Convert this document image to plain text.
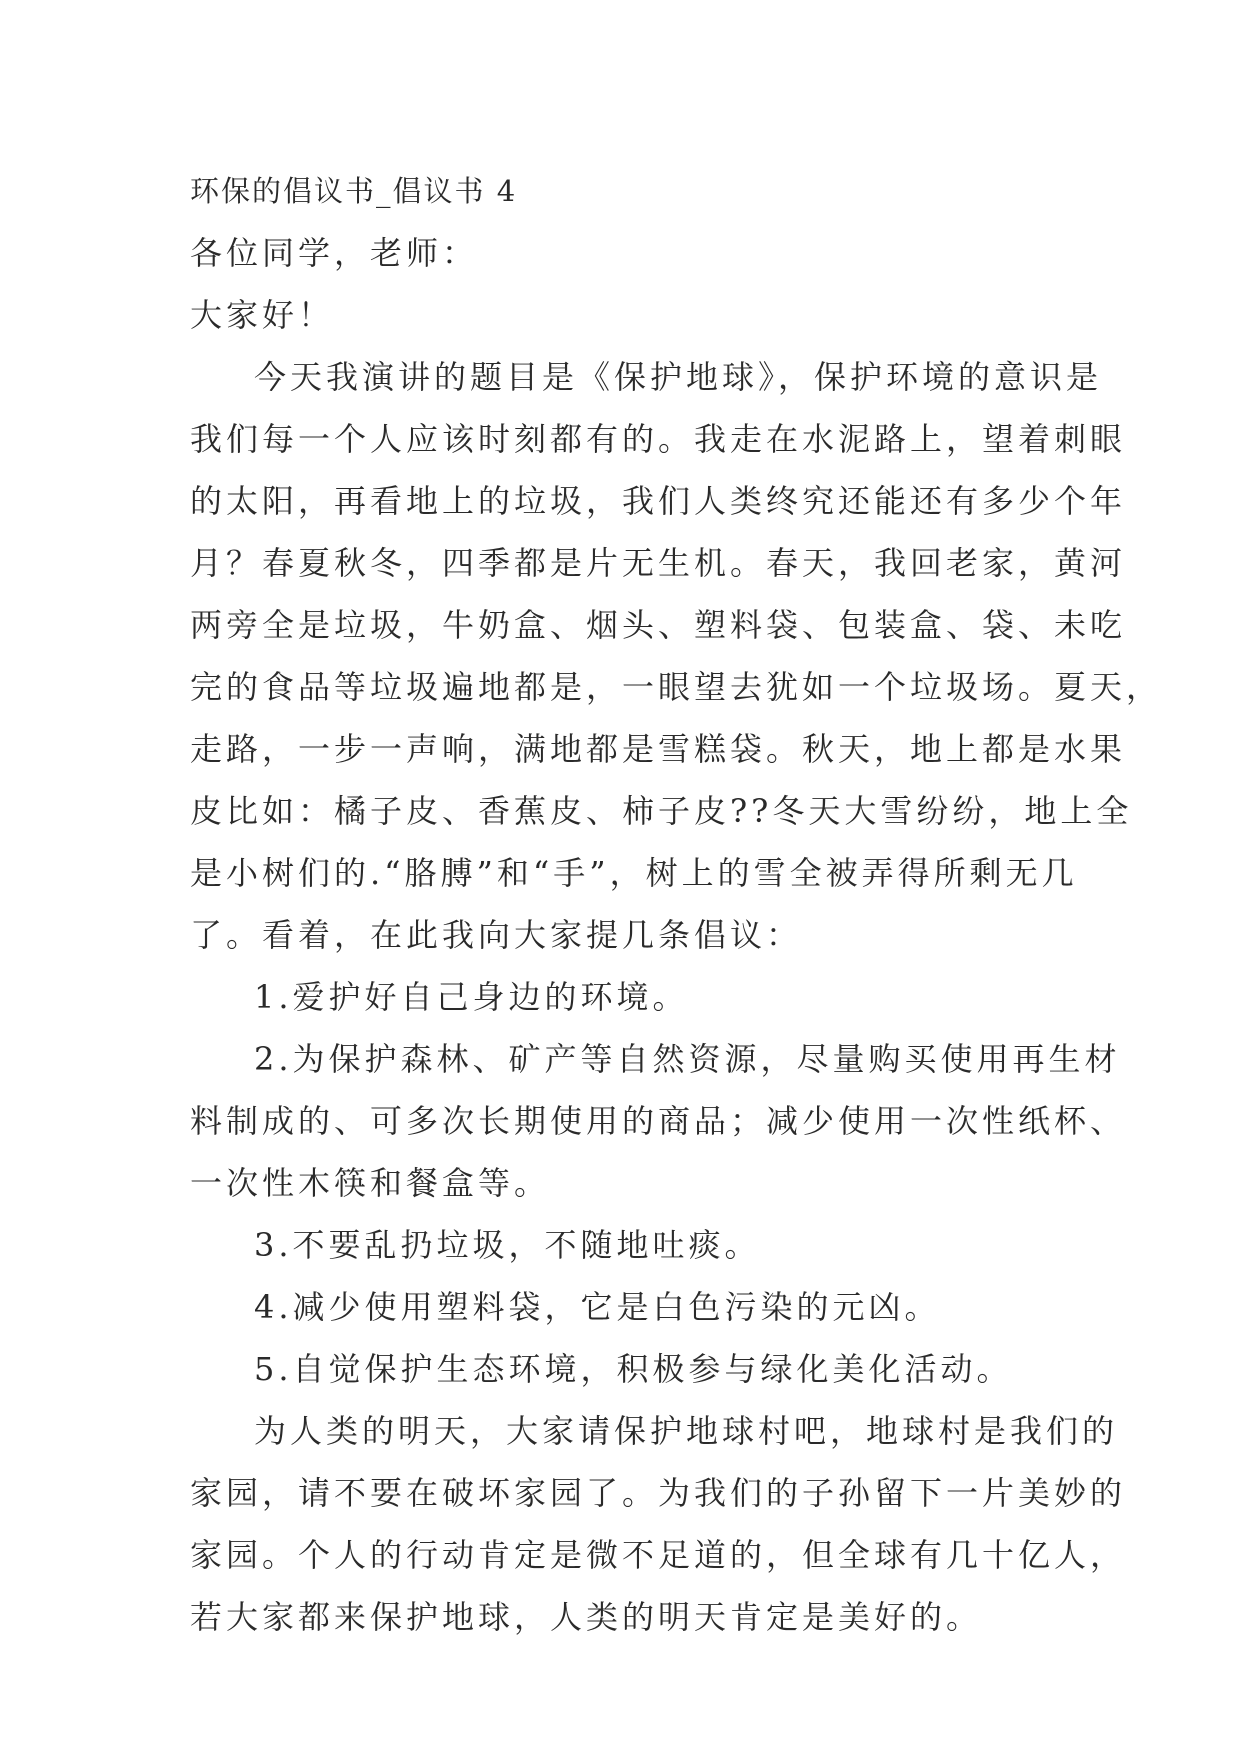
环保的倡议书_倡议书 4
各位同学，老师：
大家好！
今天我演讲的题目是《保护地球》，保护环境的意识是
我们每一个人应该时刻都有的。我走在水泥路上，望着刺眼
的太阳，再看地上的垃圾，我们人类终究还能还有多少个年
月？春夏秋冬，四季都是片无生机。春天，我回老家，黄河
两旁全是垃圾，牛奶盒、烟头、塑料袋、包装盒、袋、未吃
完的食品等垃圾遍地都是，一眼望去犹如一个垃圾场。夏天，
走路，一步一声响，满地都是雪糕袋。秋天，地上都是水果
皮比如：橘子皮、香蕉皮、柿子皮??冬天大雪纷纷，地上全
是小树们的.“胳膊”和“手”，树上的雪全被弄得所剩无几
了。看着，在此我向大家提几条倡议：
1.爱护好自己身边的环境。
2.为保护森林、矿产等自然资源，尽量购买使用再生材
料制成的、可多次长期使用的商品；减少使用一次性纸杯、
一次性木筷和餐盒等。
3.不要乱扔垃圾，不随地吐痰。
4.减少使用塑料袋，它是白色污染的元凶。
5.自觉保护生态环境，积极参与绿化美化活动。
为人类的明天，大家请保护地球村吧，地球村是我们的
家园，请不要在破坏家园了。为我们的子孙留下一片美妙的
家园。个人的行动肯定是微不足道的，但全球有几十亿人，
若大家都来保护地球，人类的明天肯定是美好的。
